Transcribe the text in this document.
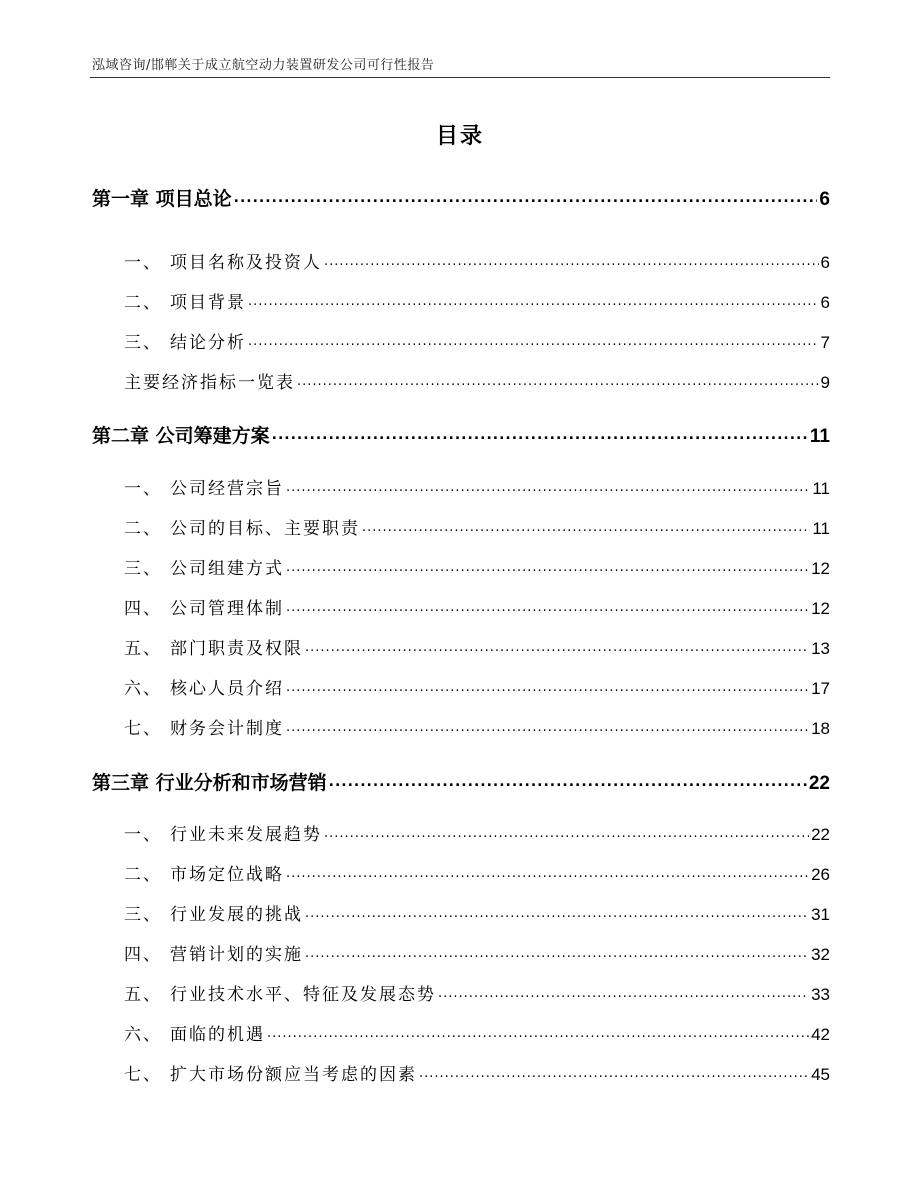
泓域咨询/邯郸关于成立航空动力装置研发公司可行性报告
目录
第一章 项目总论 .....	6
一、 项目名称及投资人 .....	6
二、 项目背景 .....	6
三、 结论分析 .....	7
主要经济指标一览表 .....	9
第二章 公司筹建方案 .....	11
一、 公司经营宗旨 .....	11
二、 公司的目标、主要职责 .....	11
三、 公司组建方式 .....	12
四、 公司管理体制 .....	12
五、 部门职责及权限 .....	13
六、 核心人员介绍 .....	17
七、 财务会计制度 .....	18
第三章 行业分析和市场营销 .....	22
一、 行业未来发展趋势 .....	22
二、 市场定位战略 .....	26
三、 行业发展的挑战 .....	31
四、 营销计划的实施 .....	32
五、 行业技术水平、特征及发展态势 .....	33
六、 面临的机遇 .....	42
七、 扩大市场份额应当考虑的因素 .....	45
